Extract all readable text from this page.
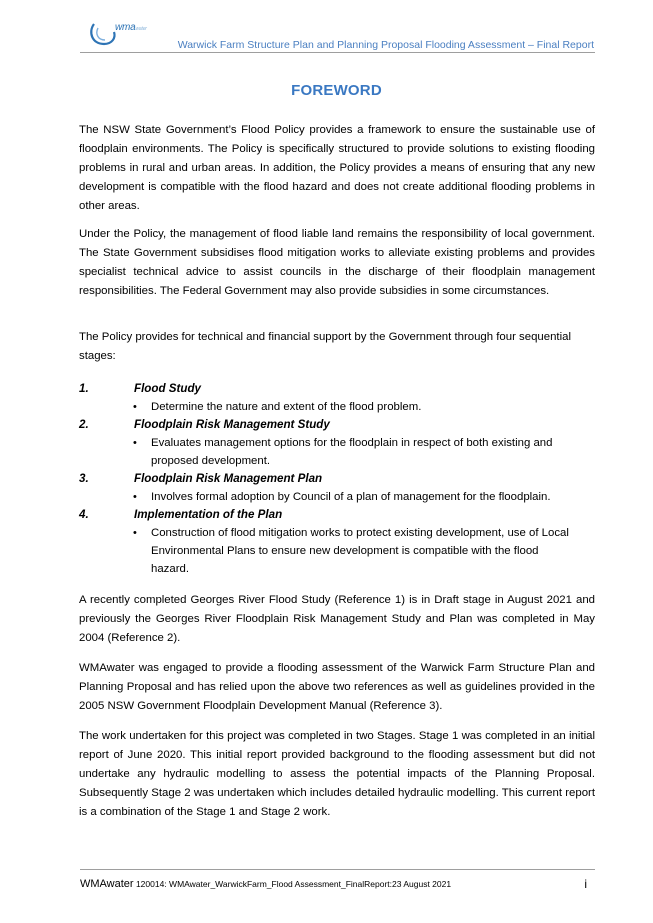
wmawater
Warwick Farm Structure Plan and Planning Proposal Flooding Assessment – Final Report
FOREWORD
The NSW State Government’s Flood Policy provides a framework to ensure the sustainable use of floodplain environments. The Policy is specifically structured to provide solutions to existing flooding problems in rural and urban areas. In addition, the Policy provides a means of ensuring that any new development is compatible with the flood hazard and does not create additional flooding problems in other areas.
Under the Policy, the management of flood liable land remains the responsibility of local government. The State Government subsidises flood mitigation works to alleviate existing problems and provides specialist technical advice to assist councils in the discharge of their floodplain management responsibilities. The Federal Government may also provide subsidies in some circumstances.
The Policy provides for technical and financial support by the Government through four sequential stages:
1.	Flood Study
• Determine the nature and extent of the flood problem.
2.	Floodplain Risk Management Study
• Evaluates management options for the floodplain in respect of both existing and proposed development.
3.	Floodplain Risk Management Plan
• Involves formal adoption by Council of a plan of management for the floodplain.
4.	Implementation of the Plan
• Construction of flood mitigation works to protect existing development, use of Local Environmental Plans to ensure new development is compatible with the flood hazard.
A recently completed Georges River Flood Study (Reference 1) is in Draft stage in August 2021 and previously the Georges River Floodplain Risk Management Study and Plan was completed in May 2004 (Reference 2).
WMAwater was engaged to provide a flooding assessment of the Warwick Farm Structure Plan and Planning Proposal and has relied upon the above two references as well as guidelines provided in the 2005 NSW Government Floodplain Development Manual (Reference 3).
The work undertaken for this project was completed in two Stages. Stage 1 was completed in an initial report of June 2020. This initial report provided background to the flooding assessment but did not undertake any hydraulic modelling to assess the potential impacts of the Planning Proposal. Subsequently Stage 2 was undertaken which includes detailed hydraulic modelling. This current report is a combination of the Stage 1 and Stage 2 work.
WMAwater 120014: WMAwater_WarwickFarm_Flood Assessment_FinalReport:23 August 2021	i
